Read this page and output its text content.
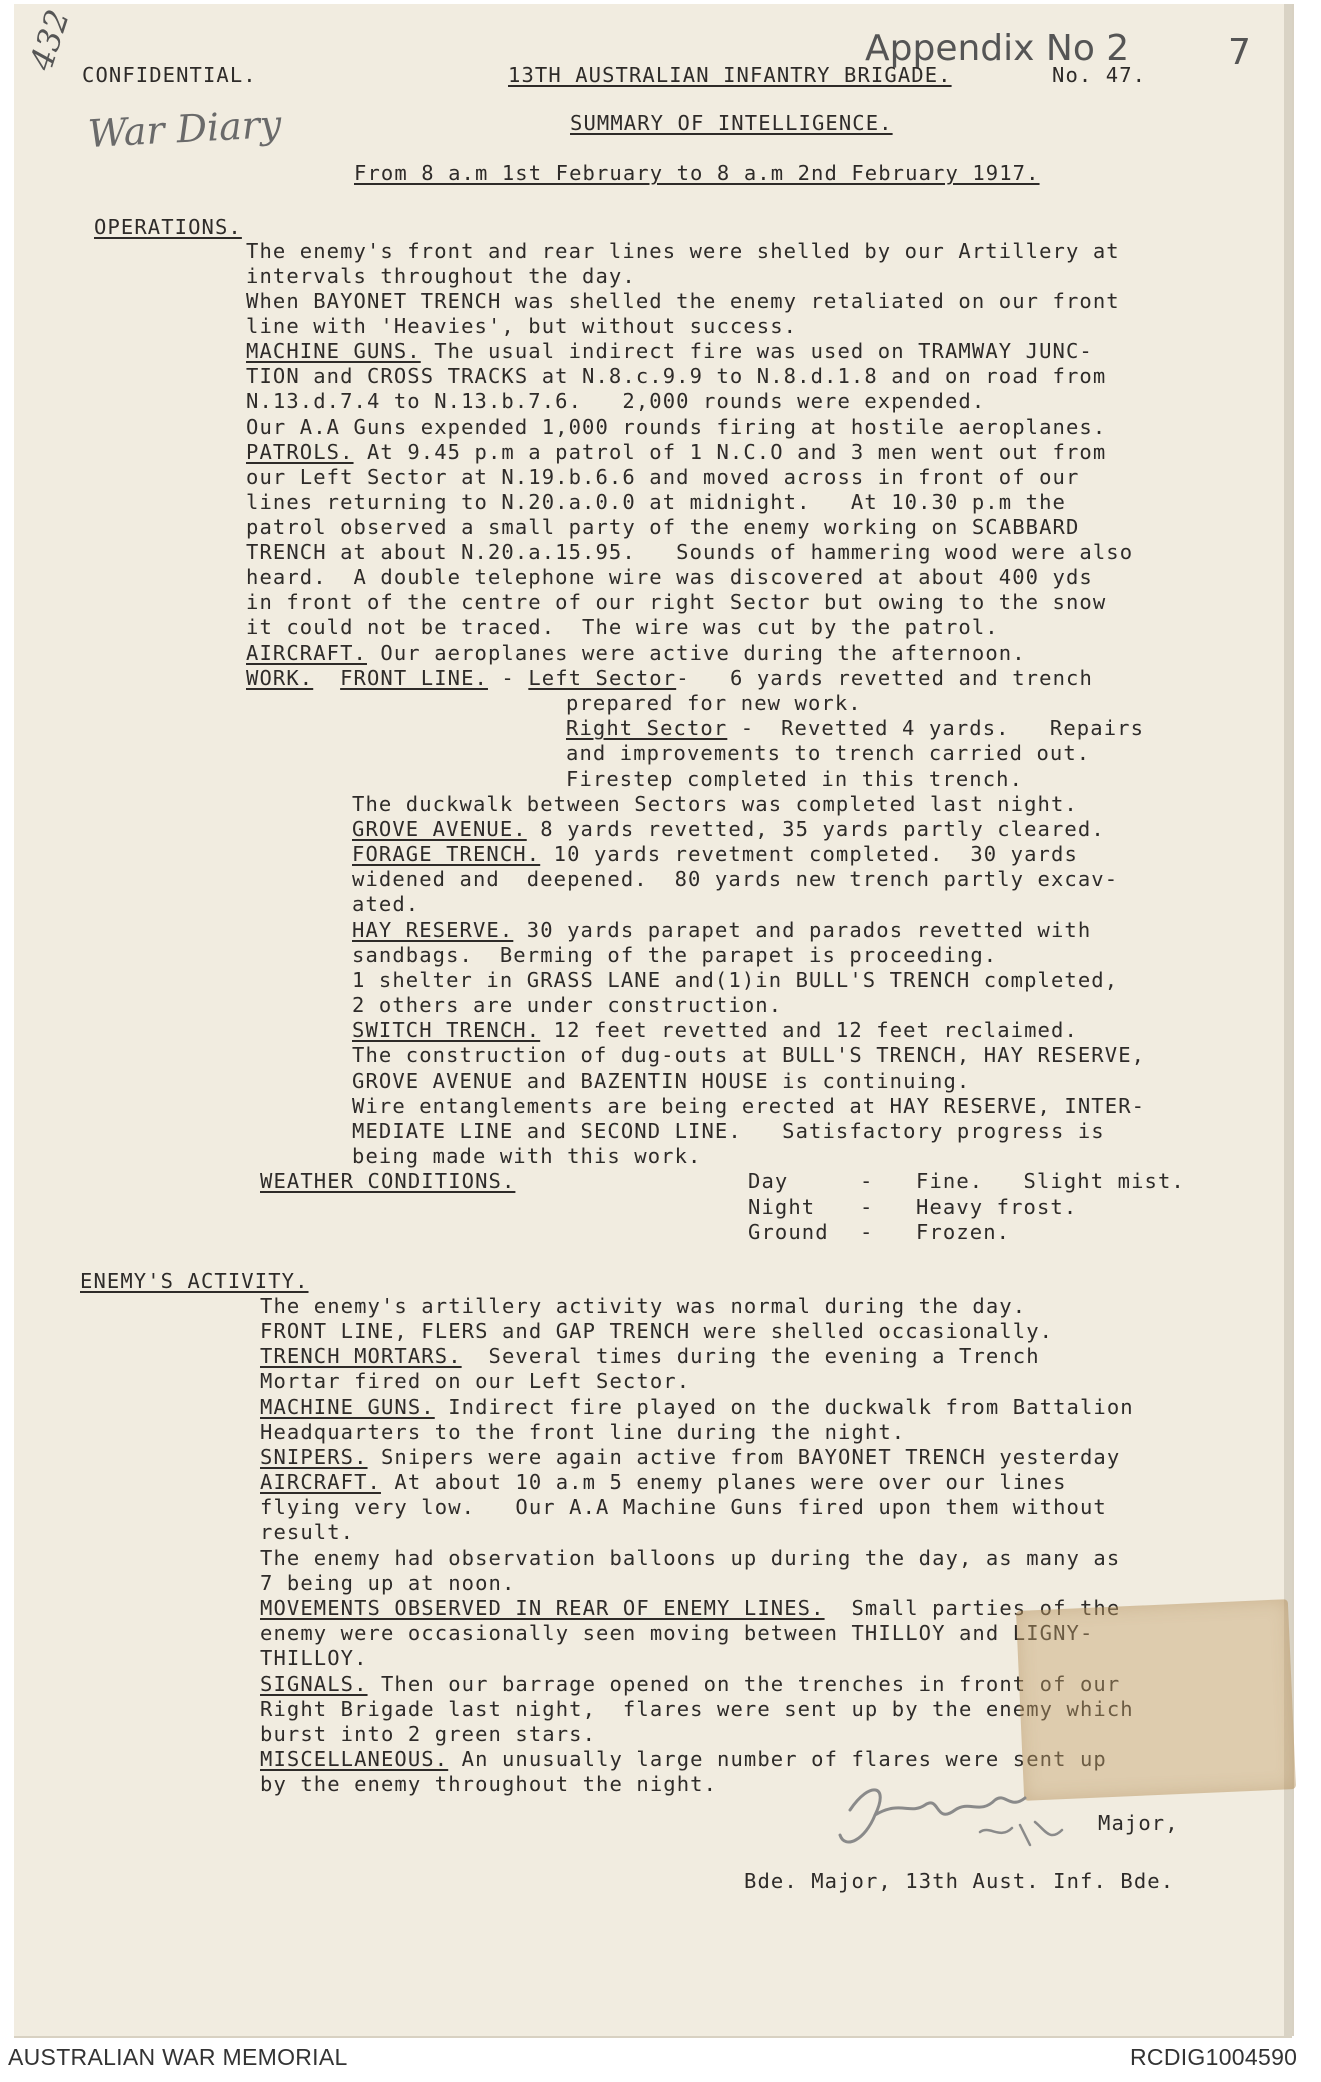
432	Appendix No 2	7
War Diary
CONFIDENTIAL.	13TH AUSTRALIAN INFANTRY BRIGADE.	No. 47.
SUMMARY OF INTELLIGENCE.
From 8 a.m 1st February to 8 a.m 2nd February 1917.
OPERATIONS.
The enemy's front and rear lines were shelled by our Artillery at
intervals throughout the day.
When BAYONET TRENCH was shelled the enemy retaliated on our front
line with 'Heavies', but without success.
MACHINE GUNS. The usual indirect fire was used on TRAMWAY JUNC-
TION and CROSS TRACKS at N.8.c.9.9 to N.8.d.1.8 and on road from
N.13.d.7.4 to N.13.b.7.6.   2,000 rounds were expended.
Our A.A Guns expended 1,000 rounds firing at hostile aeroplanes.
PATROLS. At 9.45 p.m a patrol of 1 N.C.O and 3 men went out from
our Left Sector at N.19.b.6.6 and moved across in front of our
lines returning to N.20.a.0.0 at midnight.   At 10.30 p.m the
patrol observed a small party of the enemy working on SCABBARD
TRENCH at about N.20.a.15.95.   Sounds of hammering wood were also
heard.  A double telephone wire was discovered at about 400 yds
in front of the centre of our right Sector but owing to the snow
it could not be traced.  The wire was cut by the patrol.
AIRCRAFT. Our aeroplanes were active during the afternoon.
WORK. FRONT LINE. - Left Sector-   6 yards revetted and trench
prepared for new work.
Right Sector -  Revetted 4 yards.   Repairs
and improvements to trench carried out.
Firestep completed in this trench.
The duckwalk between Sectors was completed last night.
GROVE AVENUE. 8 yards revetted, 35 yards partly cleared.
FORAGE TRENCH. 10 yards revetment completed.  30 yards
widened and  deepened.  80 yards new trench partly excav-
ated.
HAY RESERVE. 30 yards parapet and parados revetted with
sandbags.  Berming of the parapet is proceeding.
1 shelter in GRASS LANE and(1)in BULL'S TRENCH completed,
2 others are under construction.
SWITCH TRENCH. 12 feet revetted and 12 feet reclaimed.
The construction of dug-outs at BULL'S TRENCH, HAY RESERVE,
GROVE AVENUE and BAZENTIN HOUSE is continuing.
Wire entanglements are being erected at HAY RESERVE, INTER-
MEDIATE LINE and SECOND LINE.   Satisfactory progress is
being made with this work.
WEATHER CONDITIONS.	Day	- Fine.   Slight mist.
Night - Heavy frost.
Ground - Frozen.
ENEMY'S ACTIVITY.
The enemy's artillery activity was normal during the day.
FRONT LINE, FLERS and GAP TRENCH were shelled occasionally.
TRENCH MORTARS.  Several times during the evening a Trench
Mortar fired on our Left Sector.
MACHINE GUNS. Indirect fire played on the duckwalk from Battalion
Headquarters to the front line during the night.
SNIPERS. Snipers were again active from BAYONET TRENCH yesterday
AIRCRAFT. At about 10 a.m 5 enemy planes were over our lines
flying very low.   Our A.A Machine Guns fired upon them without
result.
The enemy had observation balloons up during the day, as many as
7 being up at noon.
MOVEMENTS OBSERVED IN REAR OF ENEMY LINES.  Small parties of the
enemy were occasionally seen moving between THILLOY and LIGNY-
THILLOY.
SIGNALS. Then our barrage opened on the trenches in front of our
Right Brigade last night,  flares were sent up by the enemy which
burst into 2 green stars.
MISCELLANEOUS. An unusually large number of flares were sent up
by the enemy throughout the night.
Major,
Bde. Major, 13th Aust. Inf. Bde.
AUSTRALIAN WAR MEMORIAL	RCDIG1004590
